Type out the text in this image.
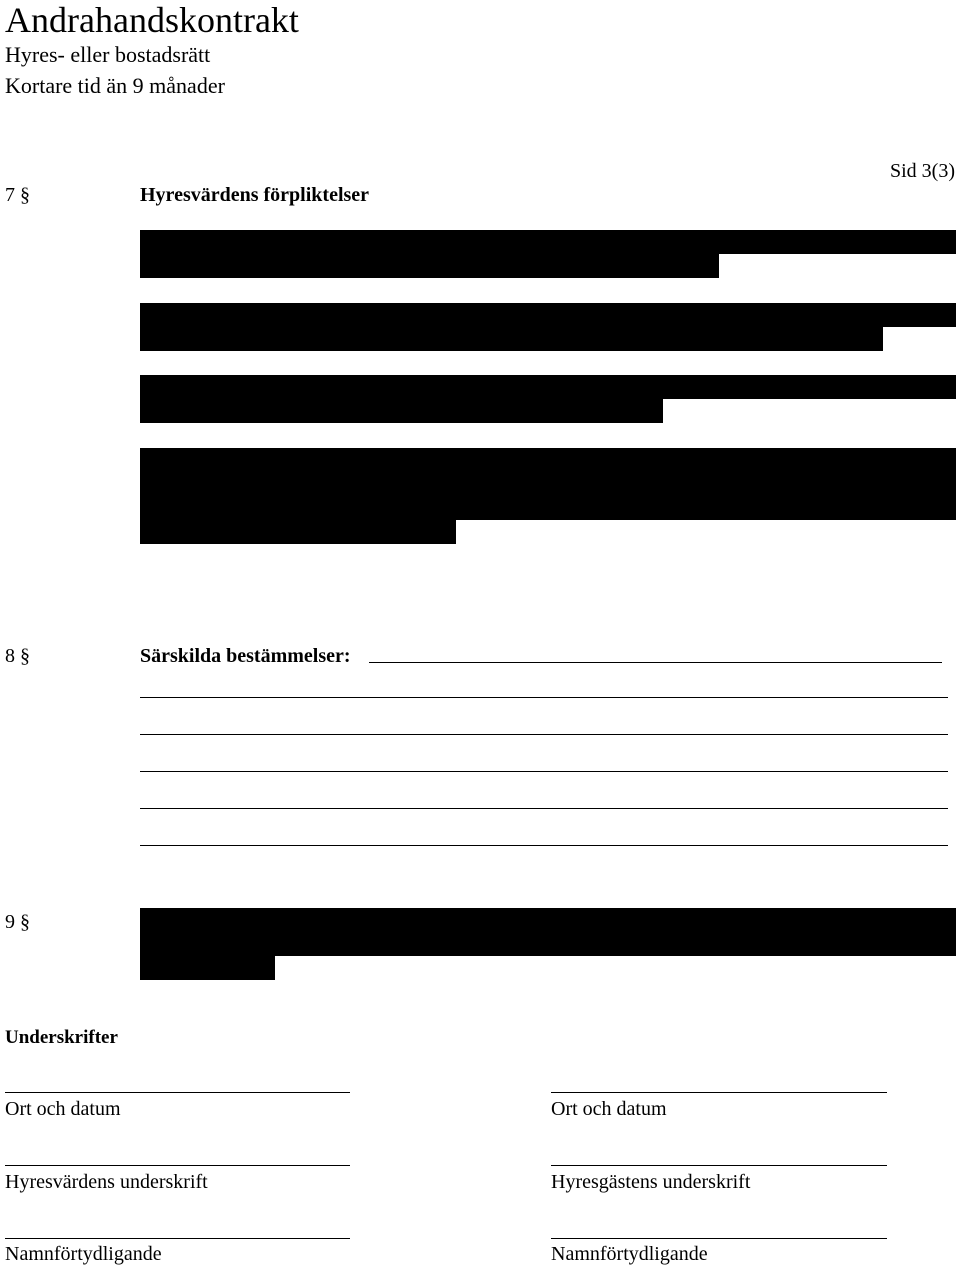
Andrahandskontrakt
Hyres- eller bostadsrätt
Kortare tid än 9 månader
Sid 3(3)
7 §	Hyresvärdens förpliktelser
8 §	Särskilda bestämmelser:
9 §
Underskrifter
Ort och datum
Hyresvärdens underskrift
Namnförtydligande
Ort och datum
Hyresgästens underskrift
Namnförtydligande
